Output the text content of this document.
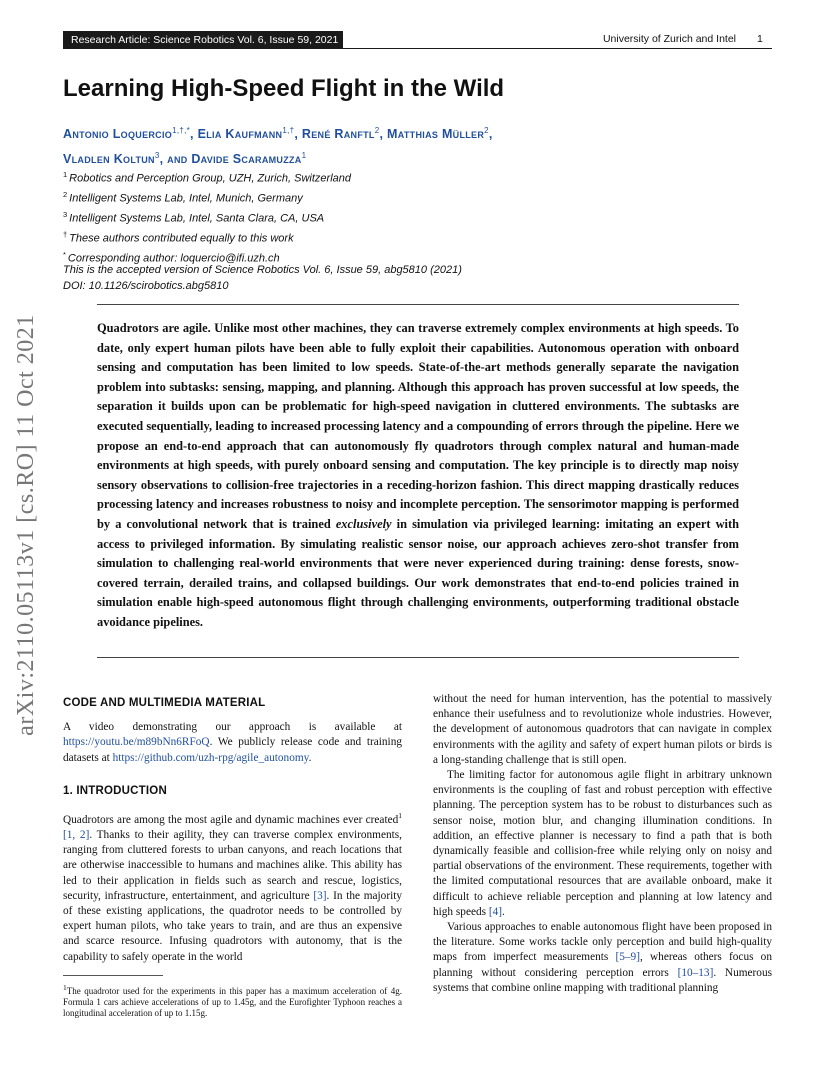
Research Article: Science Robotics Vol. 6, Issue 59, 2021	University of Zurich and Intel 1
arXiv:2110.05113v1 [cs.RO] 11 Oct 2021
Learning High-Speed Flight in the Wild
Antonio Loquercio$^{1,\dagger,*}$, Elia Kaufmann$^{1,\dagger}$, René Ranftl$^2$, Matthias Müller$^2$,
Vladlen Koltun$^3$, and Davide Scaramuzza$^1$
$^1$ Robotics and Perception Group, UZH, Zurich, Switzerland
$^2$ Intelligent Systems Lab, Intel, Munich, Germany
$^3$ Intelligent Systems Lab, Intel, Santa Clara, CA, USA
† These authors contributed equally to this work
* Corresponding author: loquercio@ifi.uzh.ch
This is the accepted version of Science Robotics Vol. 6, Issue 59, abg5810 (2021)
DOI: 10.1126/scirobotics.abg5810
Quadrotors are agile. Unlike most other machines, they can traverse extremely complex environments at high speeds. To date, only expert human pilots have been able to fully exploit their capabilities. Autonomous operation with onboard sensing and computation has been limited to low speeds. State-of-the-art methods generally separate the navigation problem into subtasks: sensing, mapping, and planning. Although this approach has proven successful at low speeds, the separation it builds upon can be problematic for high-speed navigation in cluttered environments. The subtasks are executed sequentially, leading to increased processing latency and a compounding of errors through the pipeline. Here we propose an end-to-end approach that can autonomously fly quadrotors through complex natural and human-made environments at high speeds, with purely onboard sensing and computation. The key principle is to directly map noisy sensory observations to collision-free trajectories in a receding-horizon fashion. This direct mapping drastically reduces processing latency and increases robustness to noisy and incomplete perception. The sensorimotor mapping is performed by a convolutional network that is trained exclusively in simulation via privileged learning: imitating an expert with access to privileged information. By simulating realistic sensor noise, our approach achieves zero-shot transfer from simulation to challenging real-world environments that were never experienced during training: dense forests, snow-covered terrain, derailed trains, and collapsed buildings. Our work demonstrates that end-to-end policies trained in simulation enable high-speed autonomous flight through challenging environments, outperforming traditional obstacle avoidance pipelines.
CODE AND MULTIMEDIA MATERIAL

A video demonstrating our approach is available at https://youtu.be/m89bNn6RFoQ. We publicly release code and training datasets at https://github.com/uzh-rpg/agile_autonomy.

1. INTRODUCTION

Quadrotors are among the most agile and dynamic machines ever created$^1$ [1, 2]. Thanks to their agility, they can traverse complex environments, ranging from cluttered forests to urban canyons, and reach locations that are otherwise inaccessible to humans and machines alike. This ability has led to their application in fields such as search and rescue, logistics, security, infrastructure, entertainment, and agriculture [3]. In the majority of these existing applications, the quadrotor needs to be controlled by expert human pilots, who take years to train, and are thus an expensive and scarce resource. Infusing quadrotors with autonomy, that is the capability to safely operate in the world

$^1$The quadrotor used for the experiments in this paper has a maximum acceleration of 4g. Formula 1 cars achieve accelerations of up to 1.45g, and the Eurofighter Typhoon reaches a longitudinal acceleration of up to 1.15g.

without the need for human intervention, has the potential to massively enhance their usefulness and to revolutionize whole industries. However, the development of autonomous quadrotors that can navigate in complex environments with the agility and safety of expert human pilots or birds is a long-standing challenge that is still open.

The limiting factor for autonomous agile flight in arbitrary unknown environments is the coupling of fast and robust perception with effective planning. The perception system has to be robust to disturbances such as sensor noise, motion blur, and changing illumination conditions. In addition, an effective planner is necessary to find a path that is both dynamically feasible and collision-free while relying only on noisy and partial observations of the environment. These requirements, together with the limited computational resources that are available onboard, make it difficult to achieve reliable perception and planning at low latency and high speeds [4].

Various approaches to enable autonomous flight have been proposed in the literature. Some works tackle only perception and build high-quality maps from imperfect measurements [5–9], whereas others focus on planning without considering perception errors [10–13]. Numerous systems that combine online mapping with traditional planning
